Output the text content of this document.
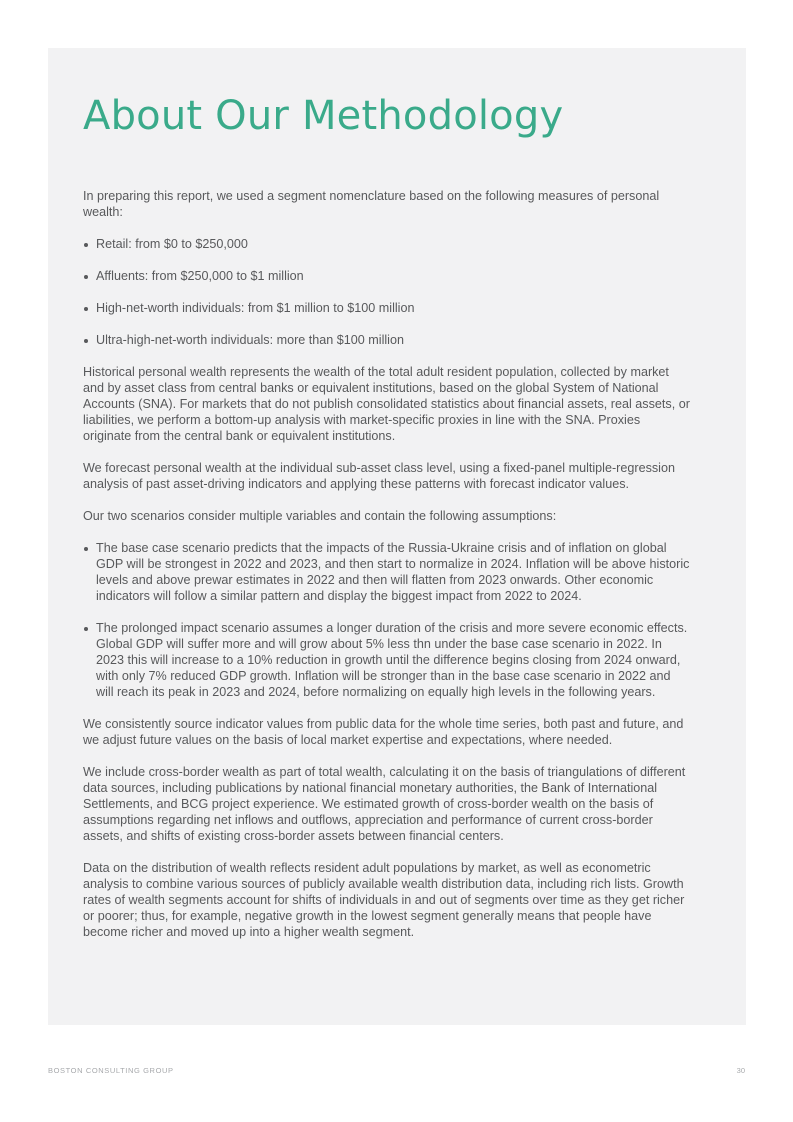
About Our Methodology

In preparing this report, we used a segment nomenclature based on the following measures of personal wealth:

Retail: from $0 to $250,000
Affluents: from $250,000 to $1 million
High-net-worth individuals: from $1 million to $100 million
Ultra-high-net-worth individuals: more than $100 million

Historical personal wealth represents the wealth of the total adult resident population, collected by market and by asset class from central banks or equivalent institutions, based on the global System of National Accounts (SNA). For markets that do not publish consolidated statistics about financial assets, real assets, or liabilities, we perform a bottom-up analysis with market-specific proxies in line with the SNA. Proxies originate from the central bank or equivalent institutions.

We forecast personal wealth at the individual sub-asset class level, using a fixed-panel multiple-regression analysis of past asset-driving indicators and applying these patterns with forecast indicator values.

Our two scenarios consider multiple variables and contain the following assumptions:

The base case scenario predicts that the impacts of the Russia-Ukraine crisis and of inflation on global GDP will be strongest in 2022 and 2023, and then start to normalize in 2024. Inflation will be above historic levels and above prewar estimates in 2022 and then will flatten from 2023 onwards. Other economic indicators will follow a similar pattern and display the biggest impact from 2022 to 2024.
The prolonged impact scenario assumes a longer duration of the crisis and more severe economic effects. Global GDP will suffer more and will grow about 5% less thn under the base case scenario in 2022. In 2023 this will increase to a 10% reduction in growth until the difference begins closing from 2024 onward, with only 7% reduced GDP growth. Inflation will be stronger than in the base case scenario in 2022 and will reach its peak in 2023 and 2024, before normalizing on equally high levels in the following years.

We consistently source indicator values from public data for the whole time series, both past and future, and we adjust future values on the basis of local market expertise and expectations, where needed.

We include cross-border wealth as part of total wealth, calculating it on the basis of triangulations of different data sources, including publications by national financial monetary authorities, the Bank of International Settlements, and BCG project experience. We estimated growth of cross-border wealth on the basis of assumptions regarding net inflows and outflows, appreciation and performance of current cross-border assets, and shifts of existing cross-border assets between financial centers.

Data on the distribution of wealth reflects resident adult populations by market, as well as econometric analysis to combine various sources of publicly available wealth distribution data, including rich lists. Growth rates of wealth segments account for shifts of individuals in and out of segments over time as they get richer or poorer; thus, for example, negative growth in the lowest segment generally means that people have become richer and moved up into a higher wealth segment.

BOSTON CONSULTING GROUP	30
